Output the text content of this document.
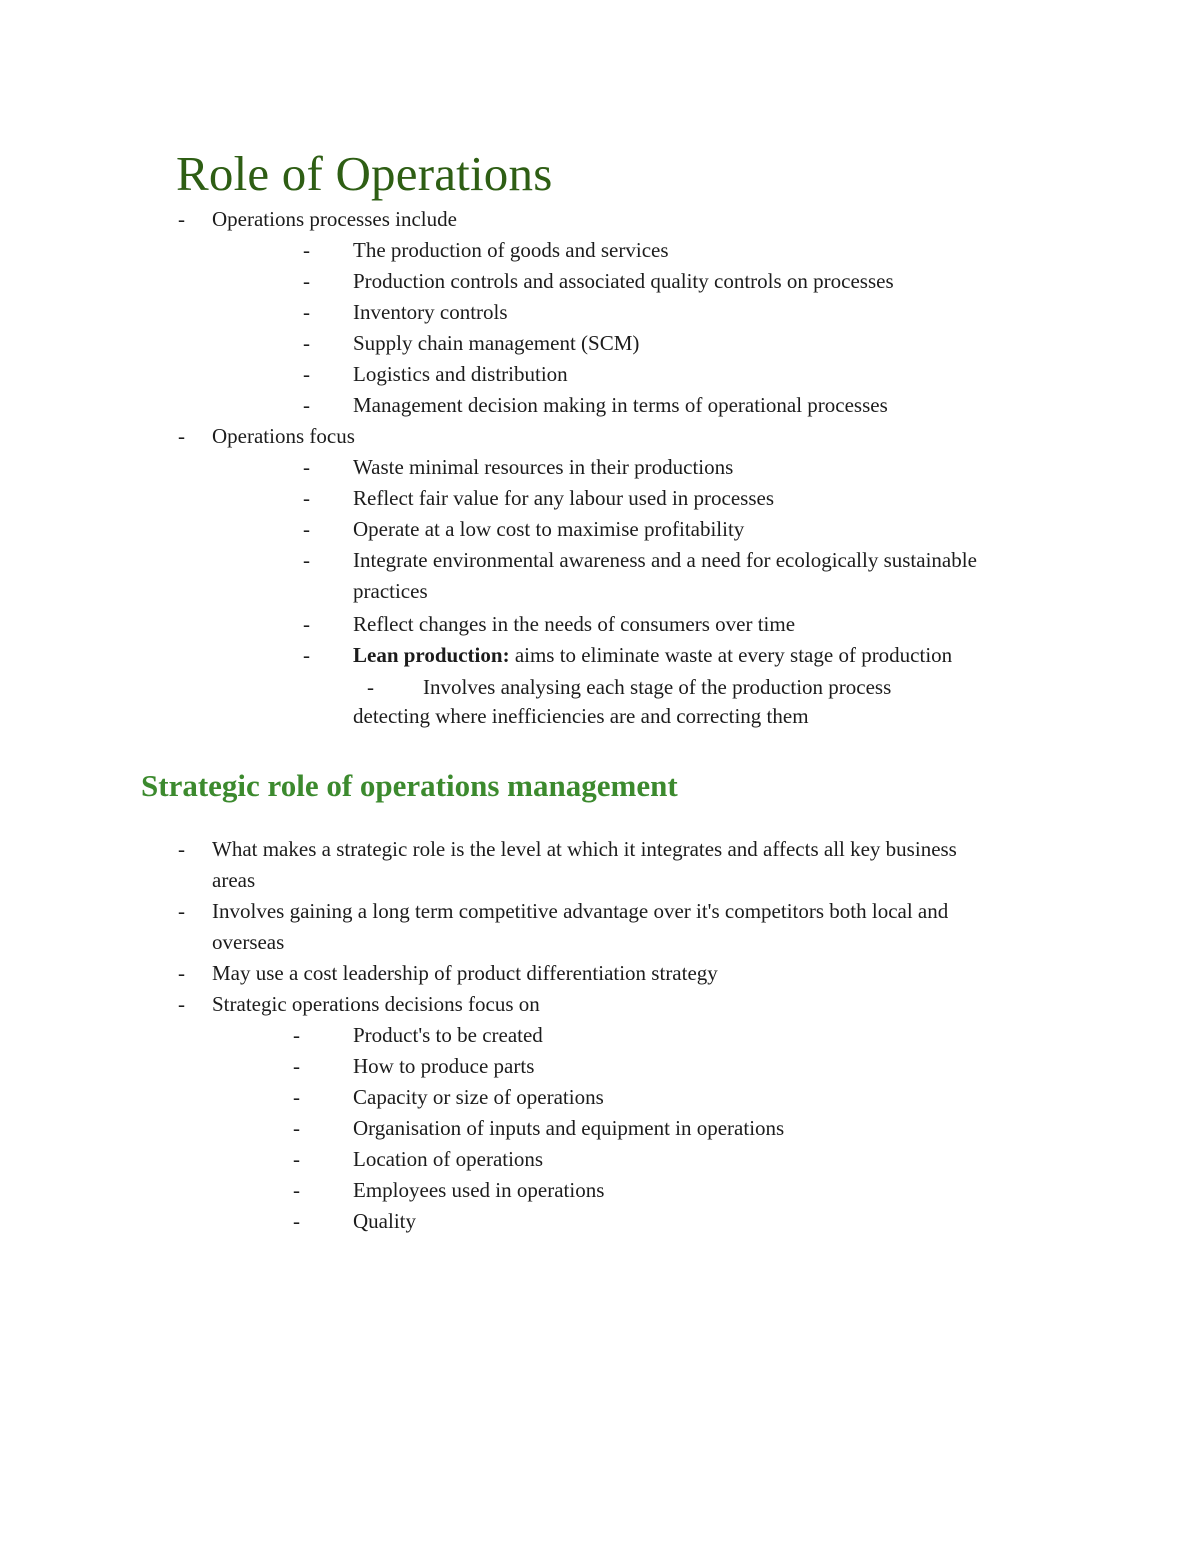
Role of Operations
- Operations processes include
- The production of goods and services
- Production controls and associated quality controls on processes
- Inventory controls
- Supply chain management (SCM)
- Logistics and distribution
- Management decision making in terms of operational processes
- Operations focus
- Waste minimal resources in their productions
- Reflect fair value for any labour used in processes
- Operate at a low cost to maximise profitability
- Integrate environmental awareness and a need for ecologically sustainable
practices
- Reflect changes in the needs of consumers over time
- Lean production: aims to eliminate waste at every stage of production
- Involves analysing each stage of the production process
detecting where inefficiencies are and correcting them
Strategic role of operations management
- What makes a strategic role is the level at which it integrates and affects all key business
areas
- Involves gaining a long term competitive advantage over it's competitors both local and
overseas
- May use a cost leadership of product differentiation strategy
- Strategic operations decisions focus on
-	Product's to be created
-	How to produce parts
-	Capacity or size of operations
-	Organisation of inputs and equipment in operations
-	Location of operations
-	Employees used in operations
-	Quality
